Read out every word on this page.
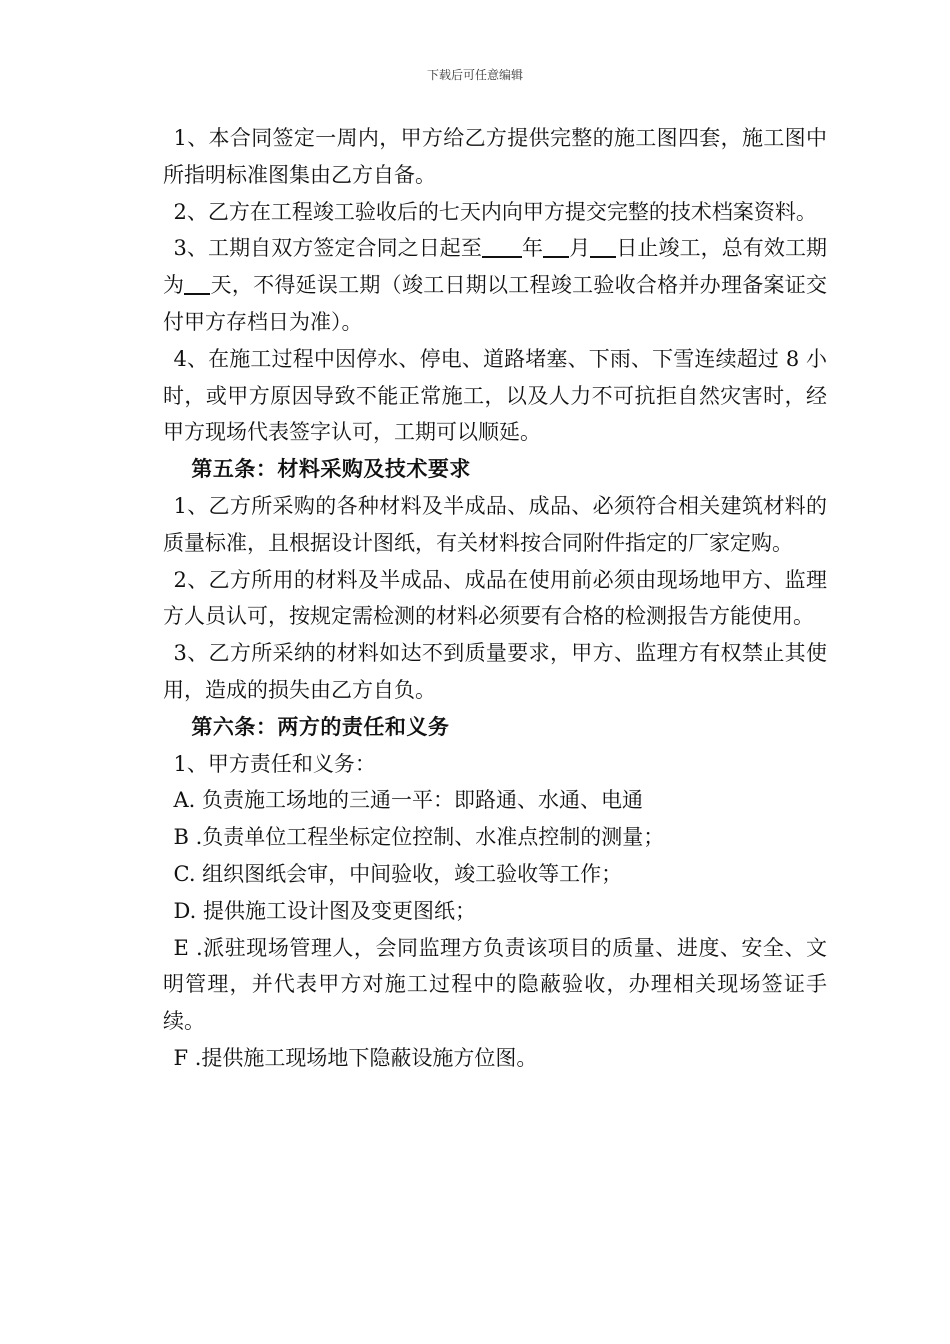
下载后可任意编辑

1、本合同签定一周内，甲方给乙方提供完整的施工图四套，施工图中所指明标准图集由乙方自备。

2、乙方在工程竣工验收后的七天内向甲方提交完整的技术档案资料。

3、工期自双方签定合同之日起至 年 月 日止竣工，总有效工期为 天，不得延误工期（竣工日期以工程竣工验收合格并办理备案证交付甲方存档日为准）。

4、在施工过程中因停水、停电、道路堵塞、下雨、下雪连续超过 8 小时，或甲方原因导致不能正常施工，以及人力不可抗拒自然灾害时，经甲方现场代表签字认可，工期可以顺延。

第五条：材料采购及技术要求

1、乙方所采购的各种材料及半成品、成品、必须符合相关建筑材料的质量标准，且根据设计图纸，有关材料按合同附件指定的厂家定购。

2、乙方所用的材料及半成品、成品在使用前必须由现场地甲方、监理方人员认可，按规定需检测的材料必须要有合格的检测报告方能使用。

3、乙方所采纳的材料如达不到质量要求，甲方、监理方有权禁止其使用，造成的损失由乙方自负。

第六条：两方的责任和义务

1、甲方责任和义务：

A. 负责施工场地的三通一平：即路通、水通、电通

B .负责单位工程坐标定位控制、水准点控制的测量；

C. 组织图纸会审，中间验收，竣工验收等工作；

D. 提供施工设计图及变更图纸；

E .派驻现场管理人，会同监理方负责该项目的质量、进度、安全、文明管理，并代表甲方对施工过程中的隐蔽验收，办理相关现场签证手续。

F .提供施工现场地下隐蔽设施方位图。
